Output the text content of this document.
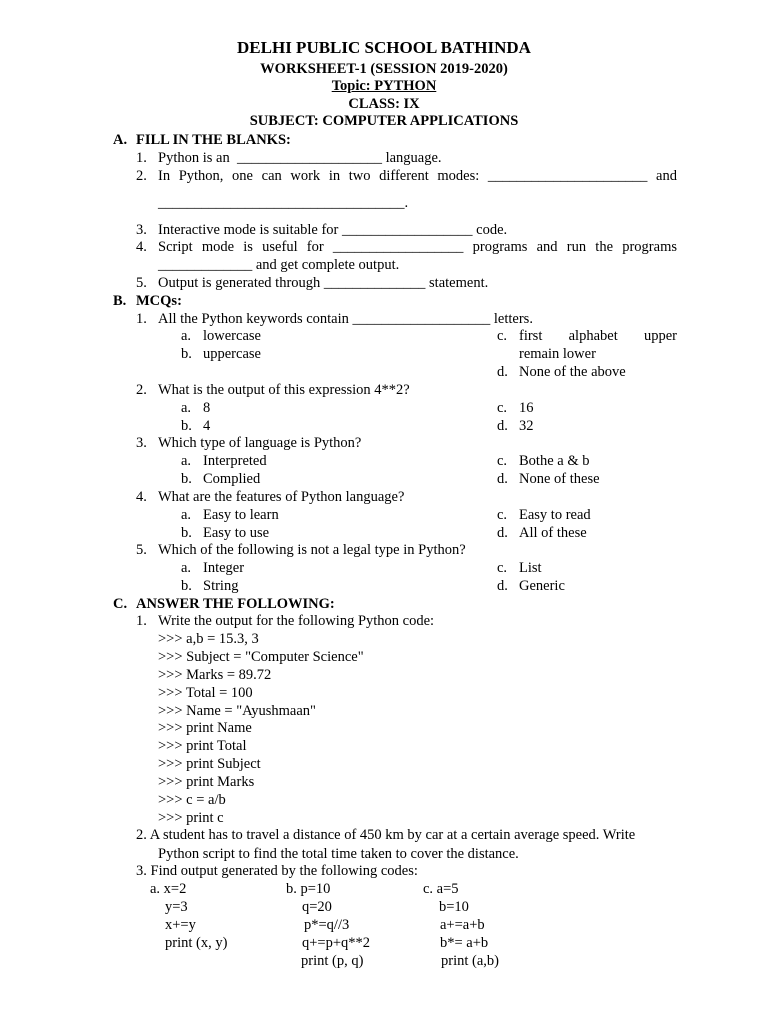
DELHI PUBLIC SCHOOL BATHINDA
WORKSHEET-1 (SESSION 2019-2020)
Topic: PYTHON
CLASS: IX
SUBJECT: COMPUTER APPLICATIONS
A. FILL IN THE BLANKS:
1. Python is an  ____________________ language.
2. In Python, one can work in two different modes: ______________________ and
__________________________________.
3. Interactive mode is suitable for __________________ code.
4. Script mode is useful for __________________ programs and run the programs
_____________ and get complete output.
5. Output is generated through ______________ statement.
B. MCQs:
1. All the Python keywords contain ___________________ letters.
a. lowercase
b. uppercase
c. first alphabet upper
remain lower
d. None of the above
2. What is the output of this expression 4**2?
a. 8
b. 4
c. 16
d. 32
3. Which type of language is Python?
a. Interpreted
b. Complied
c. Bothe a & b
d. None of these
4. What are the features of Python language?
a. Easy to learn
b. Easy to use
c. Easy to read
d. All of these
5. Which of the following is not a legal type in Python?
a. Integer
b. String
c. List
d. Generic
C. ANSWER THE FOLLOWING:
1. Write the output for the following Python code:
>>> a,b = 15.3, 3
>>> Subject = "Computer Science"
>>> Marks = 89.72
>>> Total = 100
>>> Name = "Ayushmaan"
>>> print Name
>>> print Total
>>> print Subject
>>> print Marks
>>> c = a/b
>>> print c
2. A student has to travel a distance of 450 km by car at a certain average speed. Write
Python script to find the total time taken to cover the distance.
3. Find output generated by the following codes:
a. x=2
y=3
x+=y
print (x, y)
b. p=10
q=20
p*=q//3
q+=p+q**2
print (p, q)
c. a=5
b=10
a+=a+b
b*= a+b
print (a,b)
